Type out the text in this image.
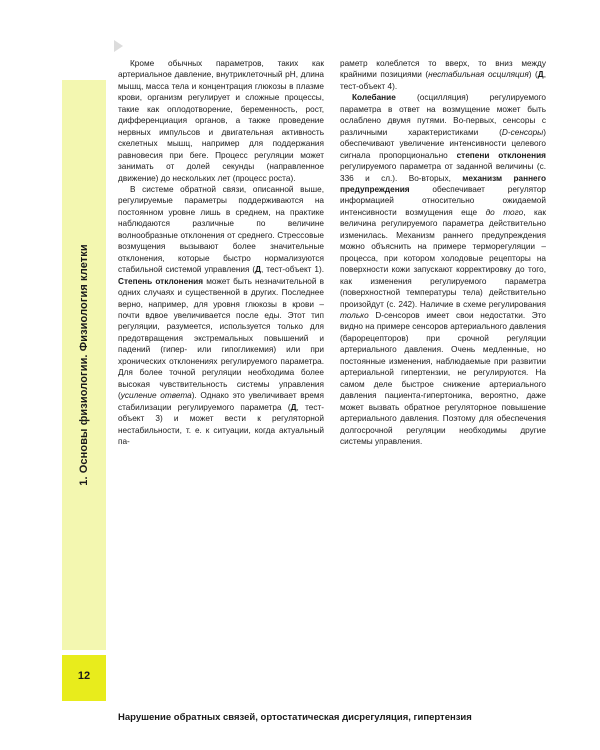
1. Основы физиологии. Физиология клетки
12

Кроме обычных параметров, таких как артериальное давление, внутриклеточный pH, длина мышц, масса тела и концентрация глюкозы в плазме крови, организм регулирует и сложные процессы, такие как оплодотворение, беременность, рост, дифференциация органов, а также проведение нервных импульсов и двигательная активность скелетных мышц, например для поддержания равновесия при беге. Процесс регуляции может занимать от долей секунды (направленное движение) до нескольких лет (процесс роста).

В системе обратной связи, описанной выше, регулируемые параметры поддерживаются на постоянном уровне лишь в среднем, на практике наблюдаются различные по величине волнообразные отклонения от среднего. Стрессовые возмущения вызывают более значительные отклонения, которые быстро нормализуются стабильной системой управления (Д, тест-объект 1). Степень отклонения может быть незначительной в одних случаях и существенной в других. Последнее верно, например, для уровня глюкозы в крови – почти вдвое увеличивается после еды. Этот тип регуляции, разумеется, используется только для предотвращения экстремальных повышений и падений (гипер- или гипогликемия) или при хронических отклонениях регулируемого параметра. Для более точной регуляции необходима более высокая чувствительность системы управления (усиление ответа). Однако это увеличивает время стабилизации регулируемого параметра (Д, тест-объект 3) и может вести к регуляторной нестабильности, т. е. к ситуации, когда актуальный па-

раметр колеблется то вверх, то вниз между крайними позициями (нестабильная осциляция) (Д, тест-объект 4).

Колебание (осцилляция) регулируемого параметра в ответ на возмущение может быть ослаблено двумя путями. Во-первых, сенсоры с различными характеристиками (D-сенсоры) обеспечивают увеличение интенсивности целевого сигнала пропорционально степени отклонения регулируемого параметра от заданной величины (с. 336 и сл.). Во-вторых, механизм раннего предупреждения обеспечивает регулятор информацией относительно ожидаемой интенсивности возмущения еще до того, как величина регулируемого параметра действительно изменилась. Механизм раннего предупреждения можно объяснить на примере терморегуляции – процесса, при котором холодовые рецепторы на поверхности кожи запускают корректировку до того, как изменения регулируемого параметра (поверхностной температуры тела) действительно произойдут (с. 242). Наличие в схеме регулирования только D-сенсоров имеет свои недостатки. Это видно на примере сенсоров артериального давления (барорецепторов) при срочной регуляции артериального давления. Очень медленные, но постоянные изменения, наблюдаемые при развитии артериальной гипертензии, не регулируются. На самом деле быстрое снижение артериального давления пациента-гипертоника, вероятно, даже может вызвать обратное регуляторное повышение артериального давления. Поэтому для обеспечения долгосрочной регуляции необходимы другие системы управления.

Нарушение обратных связей, ортостатическая дисрегуляция, гипертензия
